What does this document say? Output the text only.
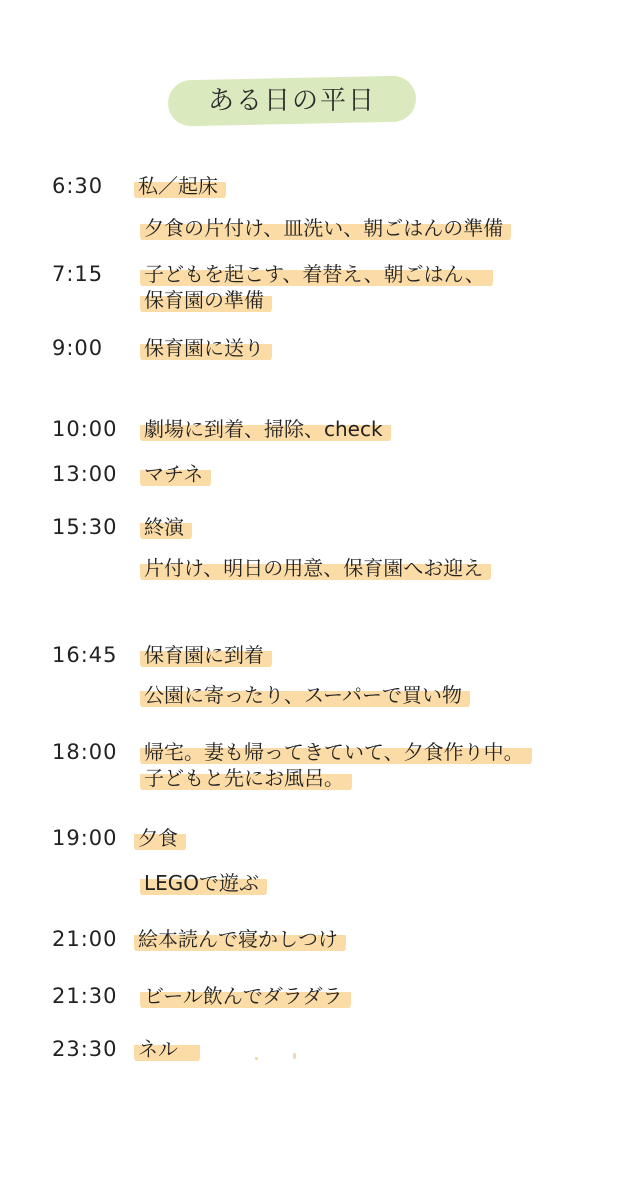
ある日の平日
6:30	私／起床
夕食の片付け、皿洗い、朝ごはんの準備
7:15	子どもを起こす、着替え、朝ごはん、
保育園の準備
9:00	保育園に送り
10:00	劇場に到着、掃除、check
13:00	マチネ
15:30	終演
片付け、明日の用意、保育園へお迎え
16:45	保育園に到着
公園に寄ったり、スーパーで買い物
18:00	帰宅。妻も帰ってきていて、夕食作り中。
子どもと先にお風呂。
19:00	夕食
LEGOで遊ぶ
21:00	絵本読んで寝かしつけ
21:30	ビール飲んでダラダラ
23:30	ネル
